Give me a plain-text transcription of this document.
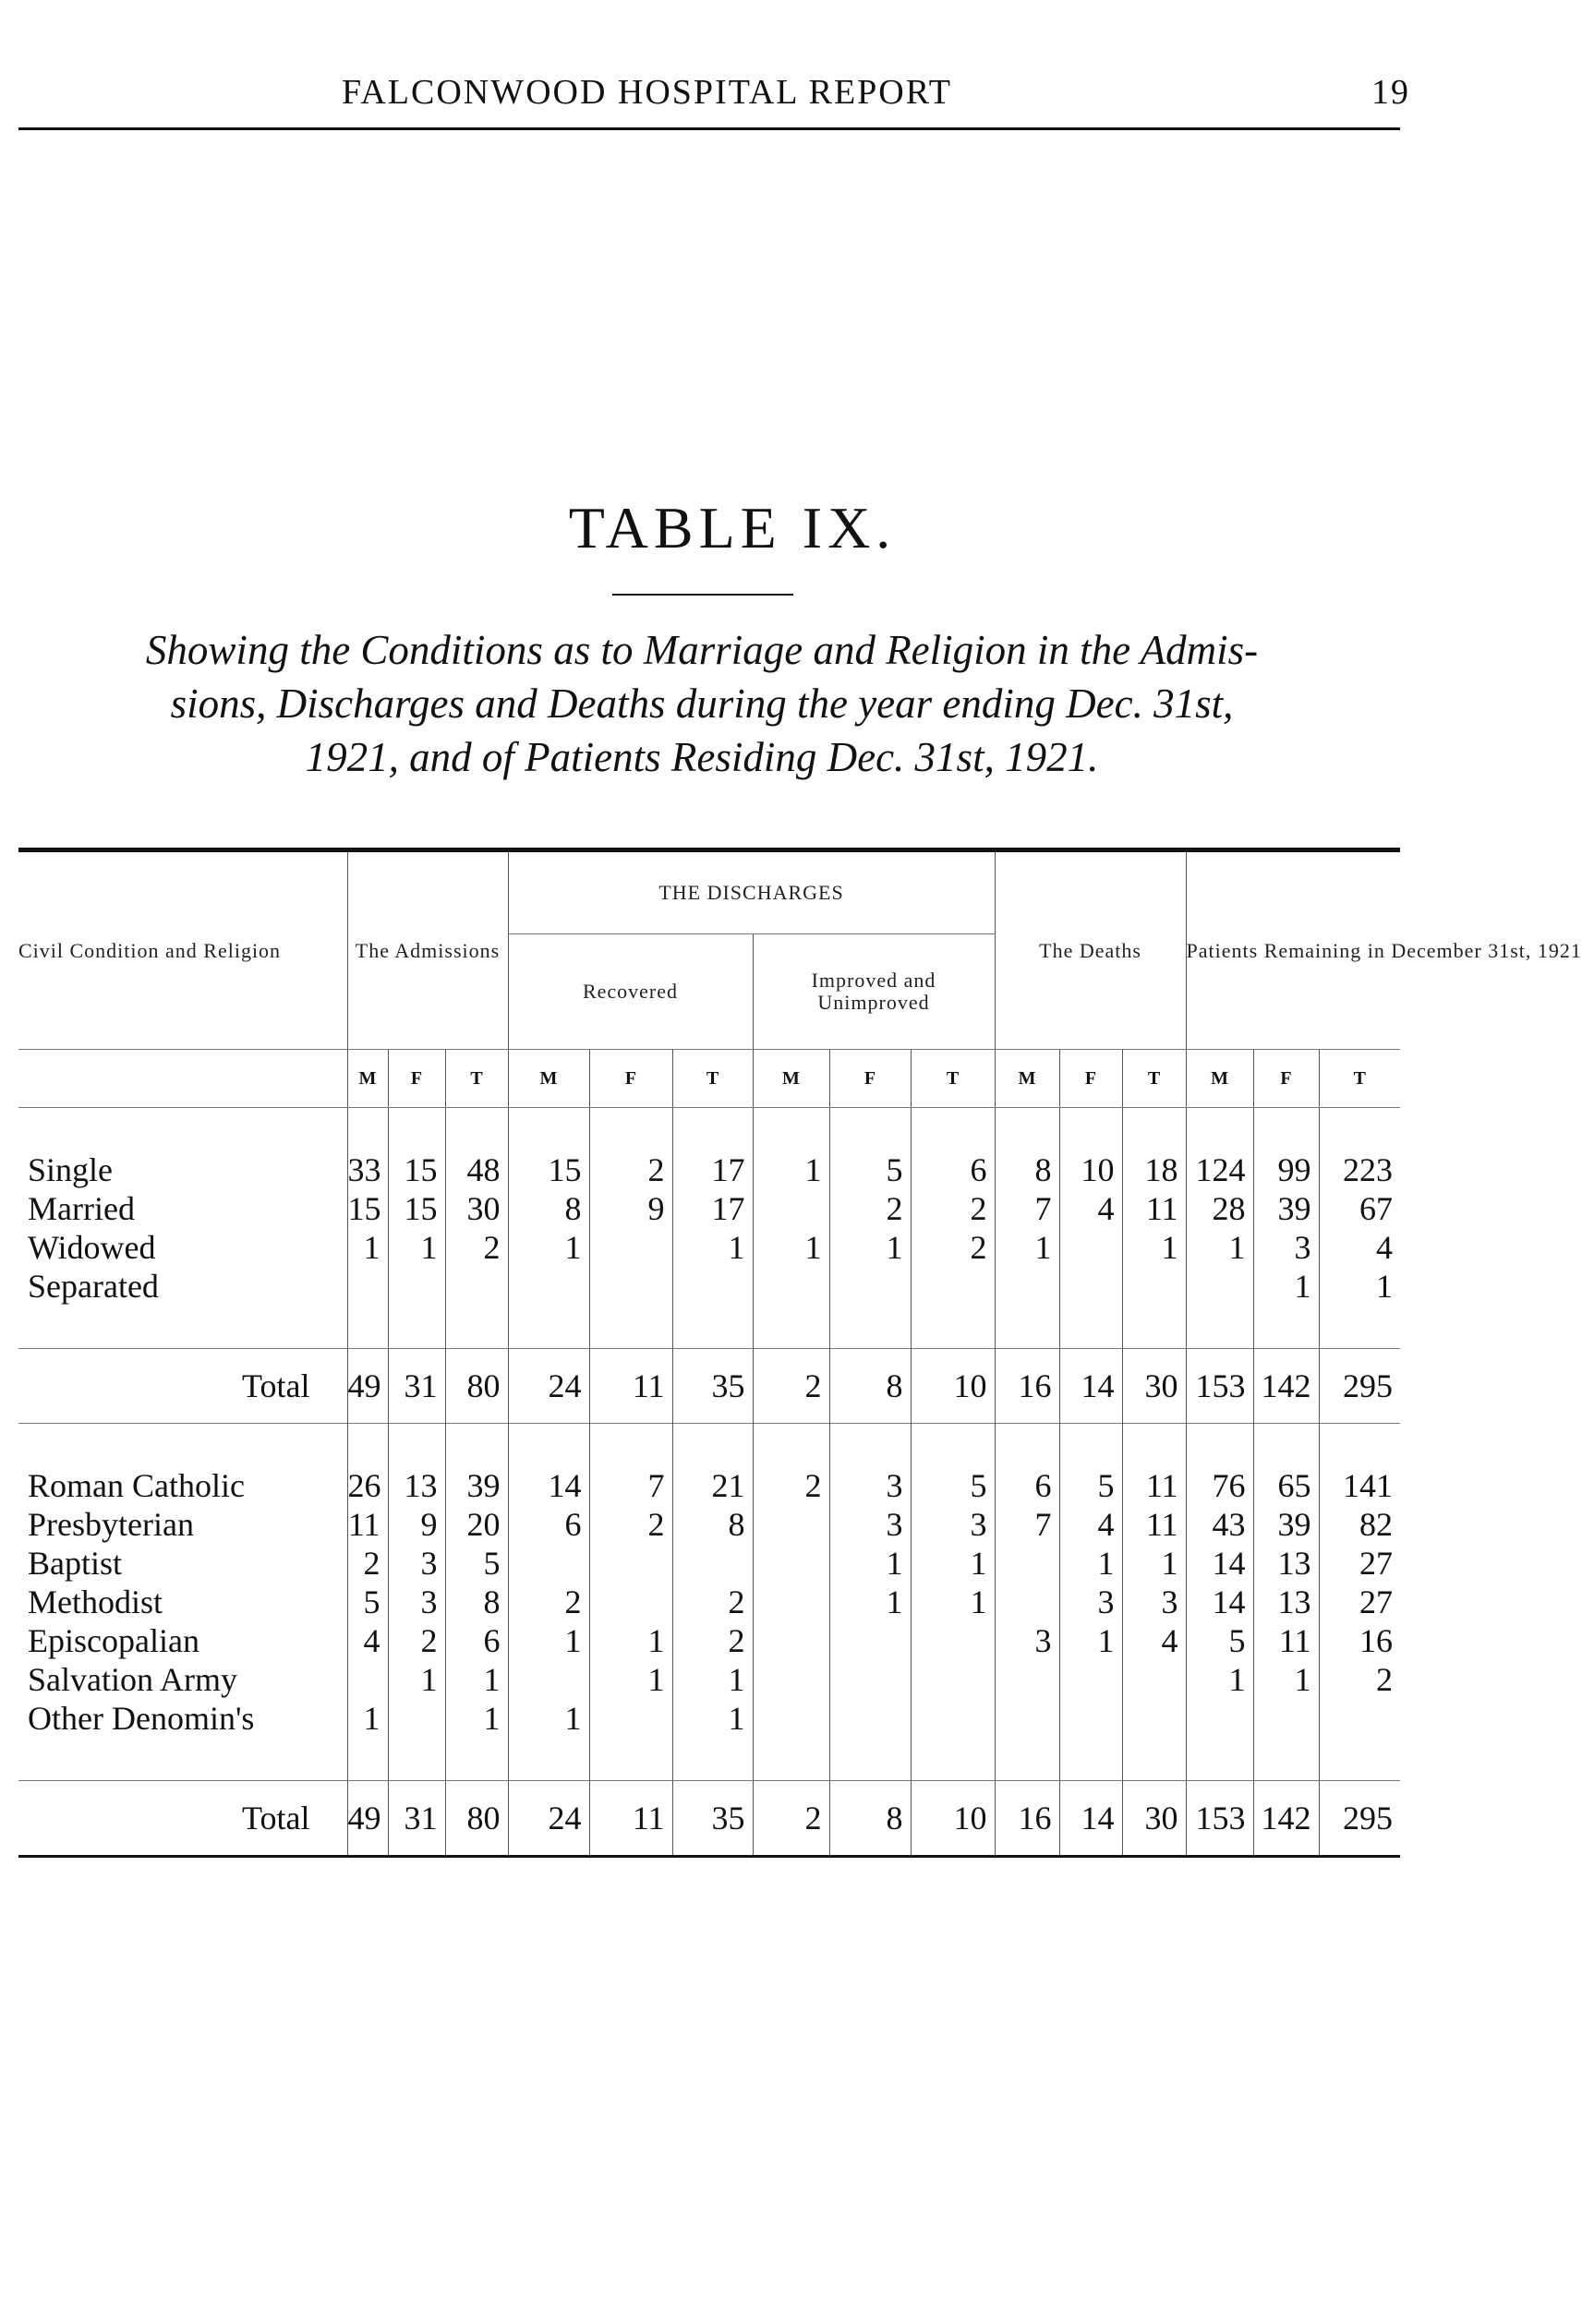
FALCONWOOD HOSPITAL REPORT	19
TABLE IX.
Showing the Conditions as to Marriage and Religion in the Admis-
sions, Discharges and Deaths during the year ending Dec. 31st,
1921, and of Patients Residing Dec. 31st, 1921.
Civil Condition and Religion	The Admissions			THE DISCHARGES						The Deaths			Patients Remaining in December 31st, 1921		
				Recovered			Improved and Unimproved								
	M	F	T	M	F	T	M	F	T	M	F	T	M	F	T

Single	33	15	48	15	2	17	1	5	6	8	10	18	124	99	223
Married	15	15	30	8	9	17		2	2	7	4	11	28	39	67
Widowed	1	1	2	1		1	1	1	2	1		1	1	3	4
Separated														1	1

Total	49	31	80	24	11	35	2	8	10	16	14	30	153	142	295

Roman Catholic	26	13	39	14	7	21	2	3	5	6	5	11	76	65	141
Presbyterian	11	9	20	6	2	8		3	3	7	4	11	43	39	82
Baptist	2	3	5					1	1		1	1	14	13	27
Methodist	5	3	8	2		2		1	1		3	3	14	13	27
Episcopalian	4	2	6	1	1	2				3	1	4	5	11	16
Salvation Army		1	1		1	1							1	1	2
Other Denomin's	1		1	1		1									

Total	49	31	80	24	11	35	2	8	10	16	14	30	153	142	295
